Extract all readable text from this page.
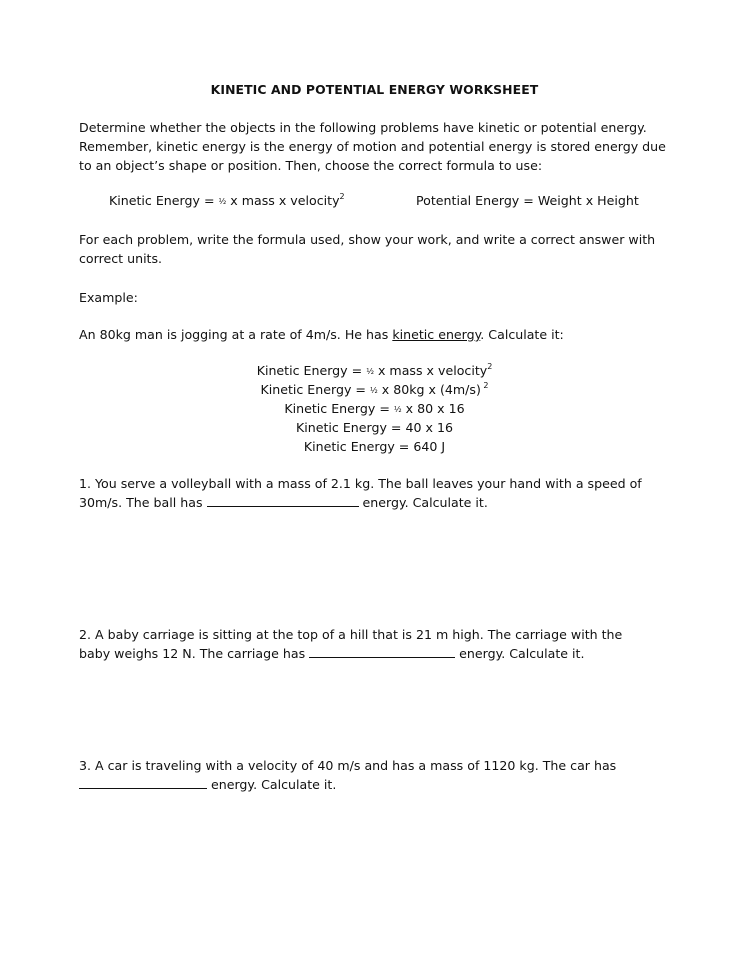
KINETIC AND POTENTIAL ENERGY WORKSHEET
Determine whether the objects in the following problems have kinetic or potential energy.
Remember, kinetic energy is the energy of motion and potential energy is stored energy due
to an object’s shape or position. Then, choose the correct formula to use:
Kinetic Energy = ½ x mass x velocity$^2$	Potential Energy = Weight x Height
For each problem, write the formula used, show your work, and write a correct answer with
correct units.
Example:
An 80kg man is jogging at a rate of 4m/s. He has kinetic energy. Calculate it:
Kinetic Energy = ½ x mass x velocity$^2$
Kinetic Energy = ½ x 80kg x (4m/s) $^2$
Kinetic Energy = ½ x 80 x 16
Kinetic Energy = 40 x 16
Kinetic Energy = 640 J
1. You serve a volleyball with a mass of 2.1 kg. The ball leaves your hand with a speed of
30m/s. The ball has	energy. Calculate it.
2. A baby carriage is sitting at the top of a hill that is 21 m high. The carriage with the
baby weighs 12 N. The carriage has	energy. Calculate it.
3. A car is traveling with a velocity of 40 m/s and has a mass of 1120 kg. The car has
energy. Calculate it.
